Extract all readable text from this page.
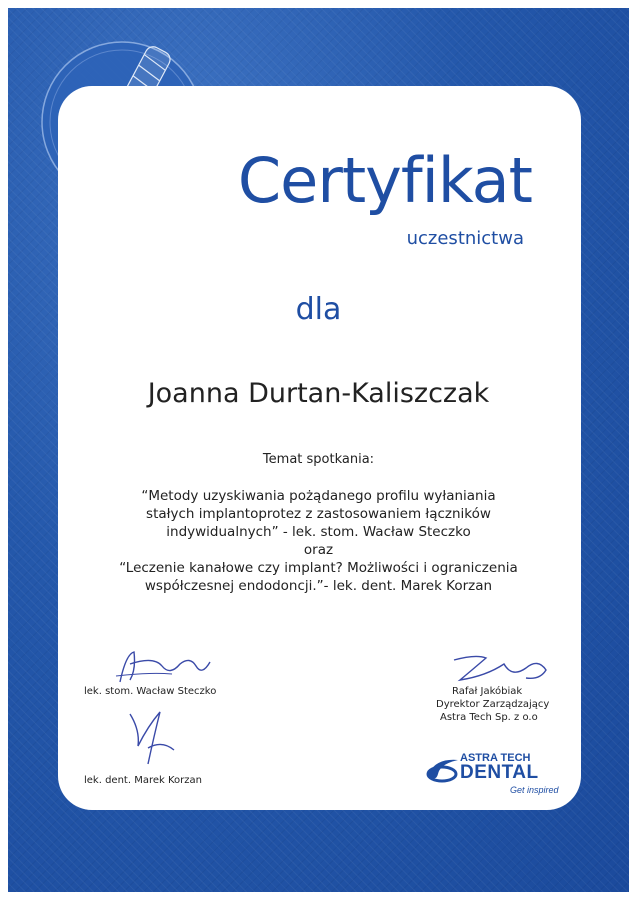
Certyfikat
uczestnictwa
dla
Joanna Durtan-Kaliszczak
Temat spotkania:
“Metody uzyskiwania pożądanego profilu wyłaniania
stałych implantoprotez z zastosowaniem łączników
indywidualnych” - lek. stom. Wacław Steczko
oraz
“Leczenie kanałowe czy implant? Możliwości i ograniczenia
współczesnej endodoncji.”- lek. dent. Marek Korzan
lek. stom. Wacław Steczko
lek. dent. Marek Korzan
Rafał Jakóbiak
Dyrektor Zarządzający
Astra Tech Sp. z o.o
ASTRA TECH
DENTAL
Get inspired
